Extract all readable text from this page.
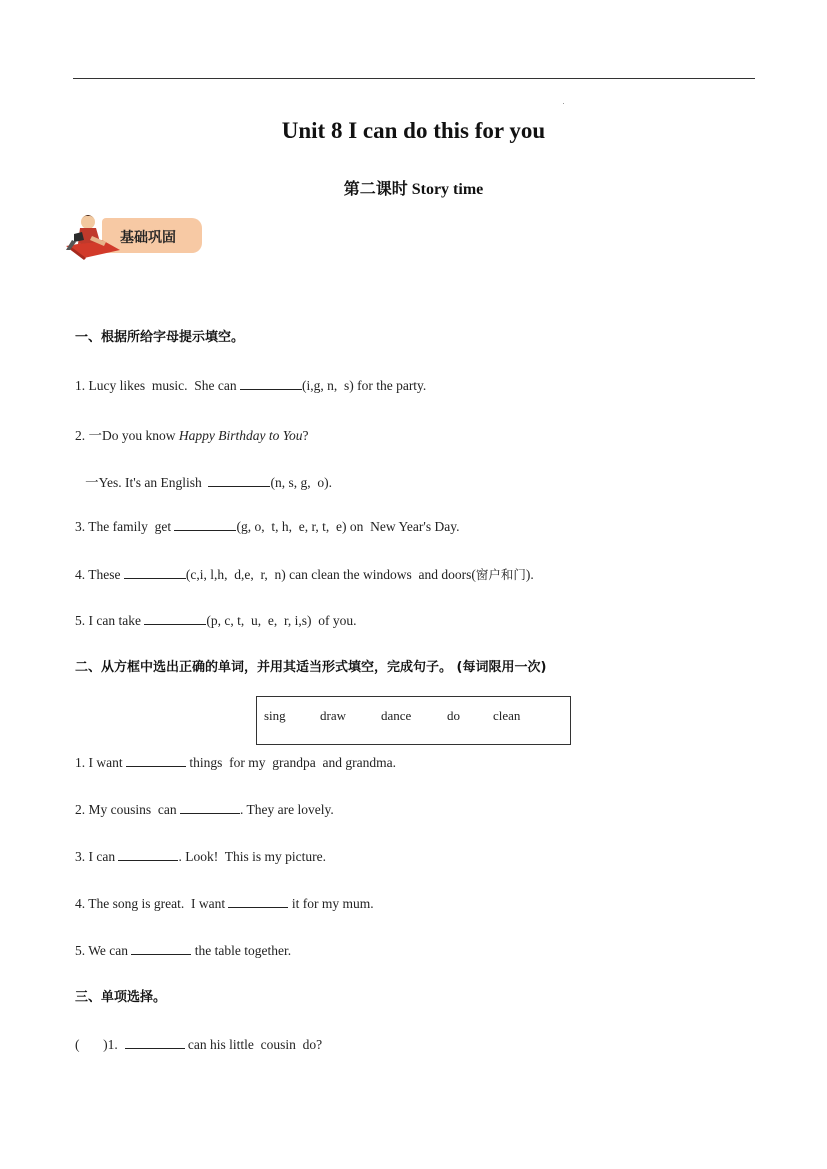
Unit 8 I can do this for you
第二课时 Story time
基础巩固
一、根据所给字母提示填空。
1. Lucy likes  music.  She can	(i,g, n,  s) for the party.
2. 一Do you know Happy Birthday to You?
一Yes. It's an English	(n, s, g,  o).
3. The family  get	(g, o,  t, h,  e, r, t,  e) on  New Year's Day.
4. These	(c,i, l,h,  d,e,  r,  n) can clean the windows  and doors(窗户和门).
5. I can take	(p, c, t,  u,  e,  r, i,s)  of you.
二、从方框中选出正确的单词，并用其适当形式填空，完成句子。 (每词限用一次)
sing	draw	dance	do	clean
1. I want	things  for my  grandpa  and grandma.
2. My cousins  can	. They are lovely.
3. I can	. Look!  This is my picture.
4. The song is great.  I want	it for my mum.
5. We can	the table together.
三、单项选择。
(       )1.	can his little  cousin  do?
